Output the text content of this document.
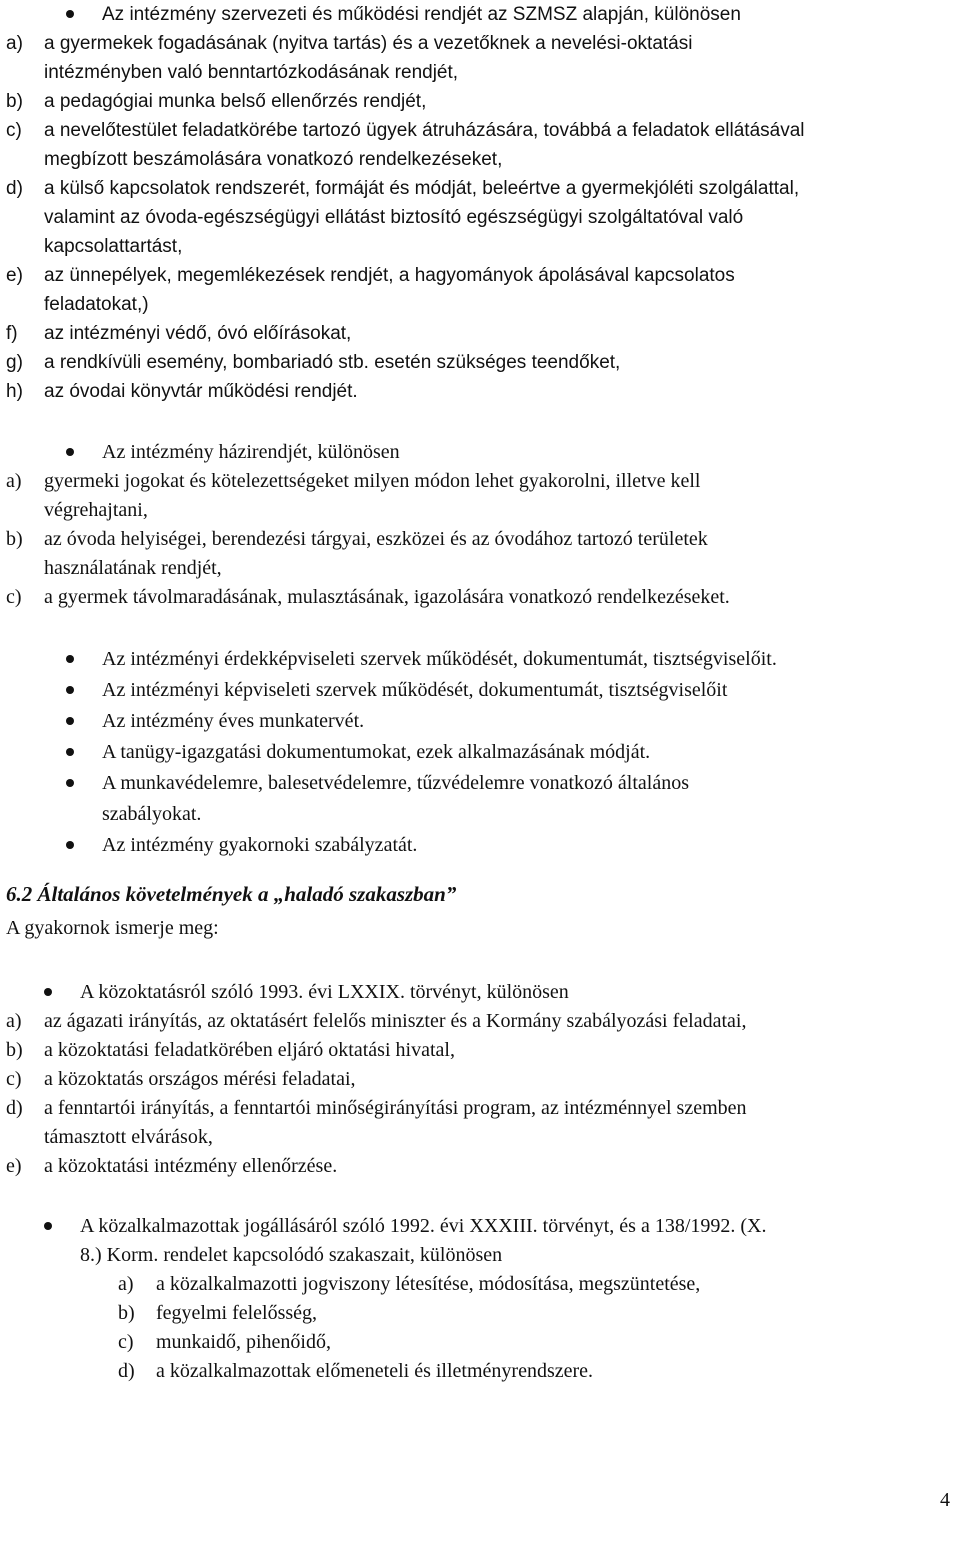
Az intézmény szervezeti és működési rendjét az SZMSZ alapján, különösen
a) a gyermekek fogadásának (nyitva tartás) és a vezetőknek a nevelési-oktatási
intézményben való benntartózkodásának rendjét,
b) a pedagógiai munka belső ellenőrzés rendjét,
c) a nevelőtestület feladatkörébe tartozó ügyek átruházására, továbbá a feladatok ellátásával
megbízott beszámolására vonatkozó rendelkezéseket,
d) a külső kapcsolatok rendszerét, formáját és módját, beleértve a gyermekjóléti szolgálattal,
valamint az óvoda-egészségügyi ellátást biztosító egészségügyi szolgáltatóval való
kapcsolattartást,
e) az ünnepélyek, megemlékezések rendjét, a hagyományok ápolásával kapcsolatos
feladatokat,)
f) az intézményi védő, óvó előírásokat,
g) a rendkívüli esemény, bombariadó stb. esetén szükséges teendőket,
h) az óvodai könyvtár működési rendjét.
Az intézmény házirendjét, különösen
a) gyermeki jogokat és kötelezettségeket milyen módon lehet gyakorolni, illetve kell
végrehajtani,
b) az óvoda helyiségei, berendezési tárgyai, eszközei és az óvodához tartozó területek
használatának rendjét,
c) a gyermek távolmaradásának, mulasztásának, igazolására vonatkozó rendelkezéseket.
Az intézményi érdekképviseleti szervek működését, dokumentumát, tisztségviselőit.
Az intézményi képviseleti szervek működését, dokumentumát, tisztségviselőit
Az intézmény éves munkatervét.
A tanügy-igazgatási dokumentumokat, ezek alkalmazásának módját.
A munkavédelemre, balesetvédelemre, tűzvédelemre vonatkozó általános
szabályokat.
Az intézmény gyakornoki szabályzatát.
6.2 Általános követelmények a „haladó szakaszban”
A gyakornok ismerje meg:
A közoktatásról szóló 1993. évi LXXIX. törvényt, különösen
a) az ágazati irányítás, az oktatásért felelős miniszter és a Kormány szabályozási feladatai,
b) a közoktatási feladatkörében eljáró oktatási hivatal,
c) a közoktatás országos mérési feladatai,
d) a fenntartói irányítás, a fenntartói minőségirányítási program, az intézménnyel szemben
támasztott elvárások,
e) a közoktatási intézmény ellenőrzése.
A közalkalmazottak jogállásáról szóló 1992. évi XXXIII. törvényt, és a 138/1992. (X.
8.) Korm. rendelet kapcsolódó szakaszait, különösen
a) a közalkalmazotti jogviszony létesítése, módosítása, megszüntetése,
b) fegyelmi felelősség,
c) munkaidő, pihenőidő,
d) a közalkalmazottak előmeneteli és illetményrendszere.
4
